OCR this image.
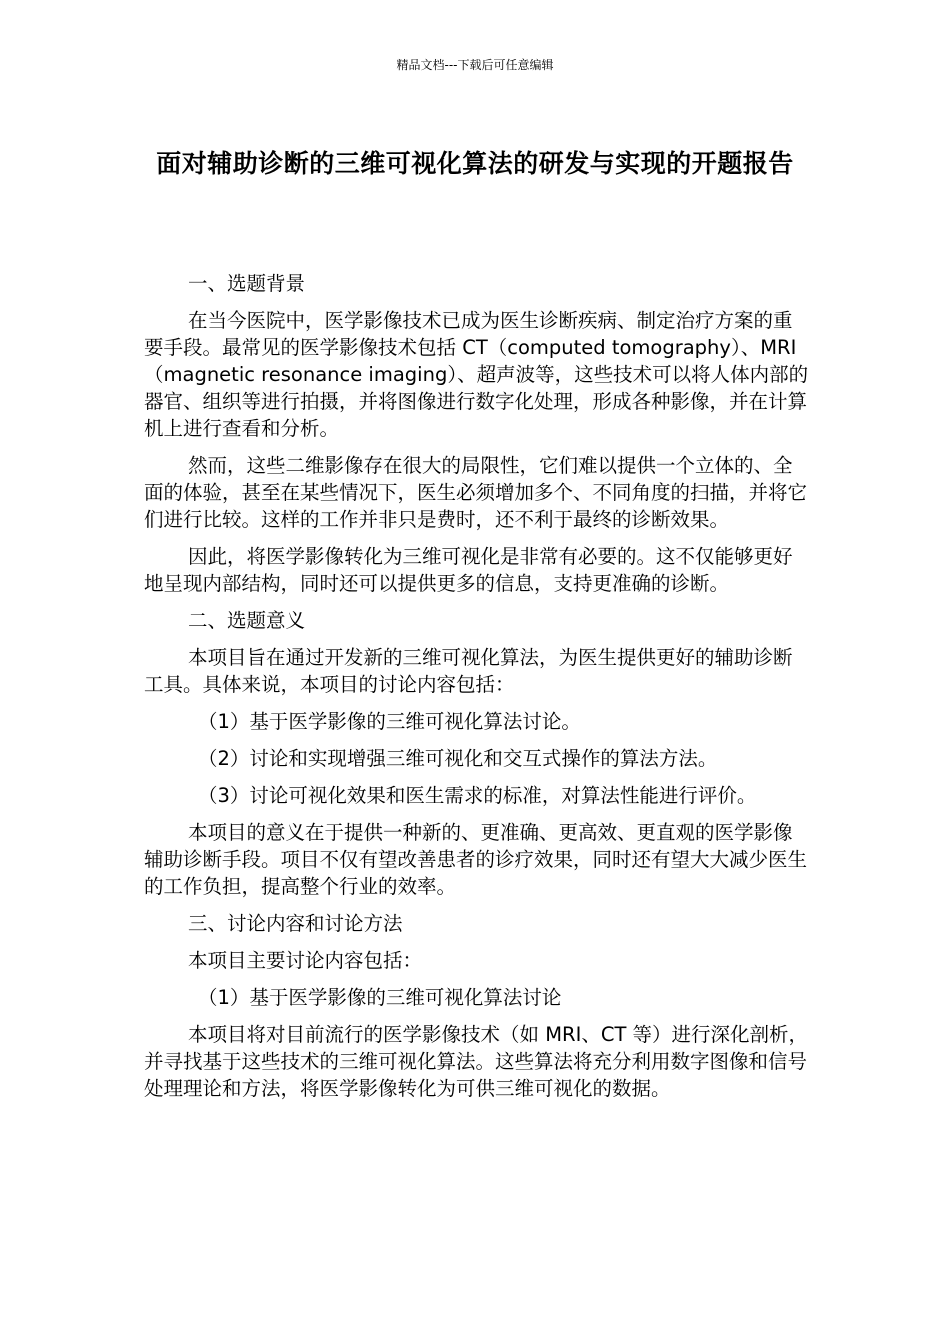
精品文档---下载后可任意编辑
面对辅助诊断的三维可视化算法的研发与实现的开题报告

一、选题背景

在当今医院中，医学影像技术已成为医生诊断疾病、制定治疗方案的重要手段。最常见的医学影像技术包括 CT（computed tomography）、MRI（magnetic resonance imaging）、超声波等，这些技术可以将人体内部的器官、组织等进行拍摄，并将图像进行数字化处理，形成各种影像，并在计算机上进行查看和分析。

然而，这些二维影像存在很大的局限性，它们难以提供一个立体的、全面的体验，甚至在某些情况下，医生必须增加多个、不同角度的扫描，并将它们进行比较。这样的工作并非只是费时，还不利于最终的诊断效果。

因此，将医学影像转化为三维可视化是非常有必要的。这不仅能够更好地呈现内部结构，同时还可以提供更多的信息，支持更准确的诊断。

二、选题意义

本项目旨在通过开发新的三维可视化算法，为医生提供更好的辅助诊断工具。具体来说，本项目的讨论内容包括：

（1）基于医学影像的三维可视化算法讨论。

（2）讨论和实现增强三维可视化和交互式操作的算法方法。

（3）讨论可视化效果和医生需求的标准，对算法性能进行评价。

本项目的意义在于提供一种新的、更准确、更高效、更直观的医学影像辅助诊断手段。项目不仅有望改善患者的诊疗效果，同时还有望大大减少医生的工作负担，提高整个行业的效率。

三、讨论内容和讨论方法

本项目主要讨论内容包括：

（1）基于医学影像的三维可视化算法讨论

本项目将对目前流行的医学影像技术（如 MRI、CT 等）进行深化剖析，并寻找基于这些技术的三维可视化算法。这些算法将充分利用数字图像和信号处理理论和方法，将医学影像转化为可供三维可视化的数据。
